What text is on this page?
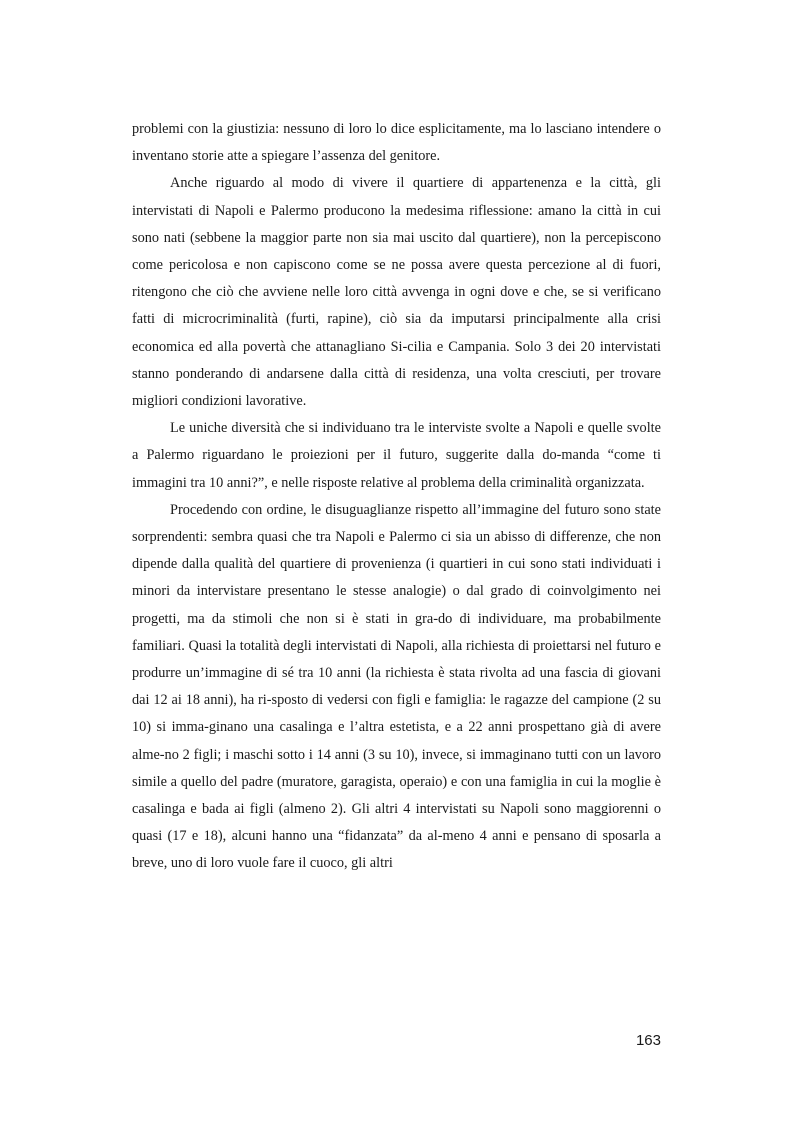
problemi con la giustizia: nessuno di loro lo dice esplicitamente, ma lo lasciano intendere o inventano storie atte a spiegare l’assenza del genitore.

Anche riguardo al modo di vivere il quartiere di appartenenza e la città, gli intervistati di Napoli e Palermo producono la medesima riflessione: amano la città in cui sono nati (sebbene la maggior parte non sia mai uscito dal quartiere), non la percepiscono come pericolosa e non capiscono come se ne possa avere questa percezione al di fuori, ritengono che ciò che avviene nelle loro città avvenga in ogni dove e che, se si verificano fatti di microcriminalità (furti, rapine), ciò sia da imputarsi principalmente alla crisi economica ed alla povertà che attanagliano Si-cilia e Campania. Solo 3 dei 20 intervistati stanno ponderando di andarsene dalla città di residenza, una volta cresciuti, per trovare migliori condizioni lavorative.

Le uniche diversità che si individuano tra le interviste svolte a Napoli e quelle svolte a Palermo riguardano le proiezioni per il futuro, suggerite dalla do-manda “come ti immagini tra 10 anni?”, e nelle risposte relative al problema della criminalità organizzata.

Procedendo con ordine, le disuguaglianze rispetto all’immagine del futuro sono state sorprendenti: sembra quasi che tra Napoli e Palermo ci sia un abisso di differenze, che non dipende dalla qualità del quartiere di provenienza (i quartieri in cui sono stati individuati i minori da intervistare presentano le stesse analogie) o dal grado di coinvolgimento nei progetti, ma da stimoli che non si è stati in gra-do di individuare, ma probabilmente familiari. Quasi la totalità degli intervistati di Napoli, alla richiesta di proiettarsi nel futuro e produrre un’immagine di sé tra 10 anni (la richiesta è stata rivolta ad una fascia di giovani dai 12 ai 18 anni), ha ri-sposto di vedersi con figli e famiglia: le ragazze del campione (2 su 10) si imma-ginano una casalinga e l’altra estetista, e a 22 anni prospettano già di avere alme-no 2 figli; i maschi sotto i 14 anni (3 su 10), invece, si immaginano tutti con un lavoro simile a quello del padre (muratore, garagista, operaio) e con una famiglia in cui la moglie è casalinga e bada ai figli (almeno 2). Gli altri 4 intervistati su Napoli sono maggiorenni o quasi (17 e 18), alcuni hanno una “fidanzata” da al-meno 4 anni e pensano di sposarla a breve, uno di loro vuole fare il cuoco, gli altri

163
